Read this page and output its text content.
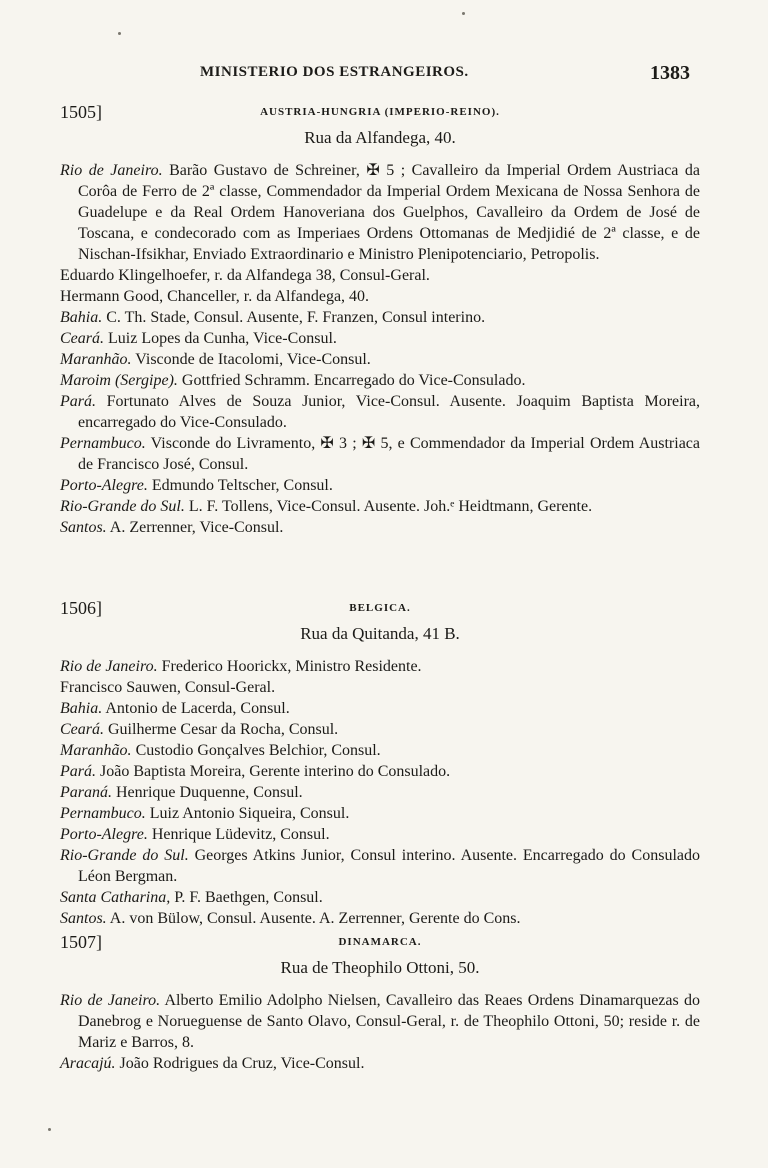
MINISTERIO DOS ESTRANGEIROS.	1383
1505]	AUSTRIA-HUNGRIA (IMPERIO-REINO).
Rua da Alfandega, 40.
Rio de Janeiro. Barão Gustavo de Schreiner, ✠ 5 ; Cavalleiro da Imperial Ordem Austriaca da Corôa de Ferro de 2ª classe, Commendador da Imperial Ordem Mexicana de Nossa Senhora de Guadelupe e da Real Ordem Hanoveriana dos Guelphos, Cavalleiro da Ordem de José de Toscana, e condecorado com as Imperiaes Ordens Ottomanas de Medjidié de 2ª classe, e de Nischan-Ifsikhar, Enviado Extraordinario e Ministro Plenipotenciario, Petropolis.
Eduardo Klingelhoefer, r. da Alfandega 38, Consul-Geral.
Hermann Good, Chanceller, r. da Alfandega, 40.
Bahia. C. Th. Stade, Consul. Ausente, F. Franzen, Consul interino.
Ceará. Luiz Lopes da Cunha, Vice-Consul.
Maranhão. Visconde de Itacolomi, Vice-Consul.
Maroim (Sergipe). Gottfried Schramm. Encarregado do Vice-Consulado.
Pará. Fortunato Alves de Souza Junior, Vice-Consul. Ausente. Joaquim Baptista Moreira, encarregado do Vice-Consulado.
Pernambuco. Visconde do Livramento, ✠ 3 ; ✠ 5, e Commendador da Imperial Ordem Austriaca de Francisco José, Consul.
Porto-Alegre. Edmundo Teltscher, Consul.
Rio-Grande do Sul. L. F. Tollens, Vice-Consul. Ausente. Joh.ᵉ Heidtmann, Gerente.
Santos. A. Zerrenner, Vice-Consul.
1506]	BELGICA.
Rua da Quitanda, 41 B.
Rio de Janeiro. Frederico Hoorickx, Ministro Residente.
Francisco Sauwen, Consul-Geral.
Bahia. Antonio de Lacerda, Consul.
Ceará. Guilherme Cesar da Rocha, Consul.
Maranhão. Custodio Gonçalves Belchior, Consul.
Pará. João Baptista Moreira, Gerente interino do Consulado.
Paraná. Henrique Duquenne, Consul.
Pernambuco. Luiz Antonio Siqueira, Consul.
Porto-Alegre. Henrique Lüdevitz, Consul.
Rio-Grande do Sul. Georges Atkins Junior, Consul interino. Ausente. Encarregado do Consulado Léon Bergman.
Santa Catharina, P. F. Baethgen, Consul.
Santos. A. von Bülow, Consul. Ausente. A. Zerrenner, Gerente do Cons.
1507]	DINAMARCA.
Rua de Theophilo Ottoni, 50.
Rio de Janeiro. Alberto Emilio Adolpho Nielsen, Cavalleiro das Reaes Ordens Dinamarquezas do Danebrog e Norueguense de Santo Olavo, Consul-Geral, r. de Theophilo Ottoni, 50; reside r. de Mariz e Barros, 8.
Aracajú. João Rodrigues da Cruz, Vice-Consul.
